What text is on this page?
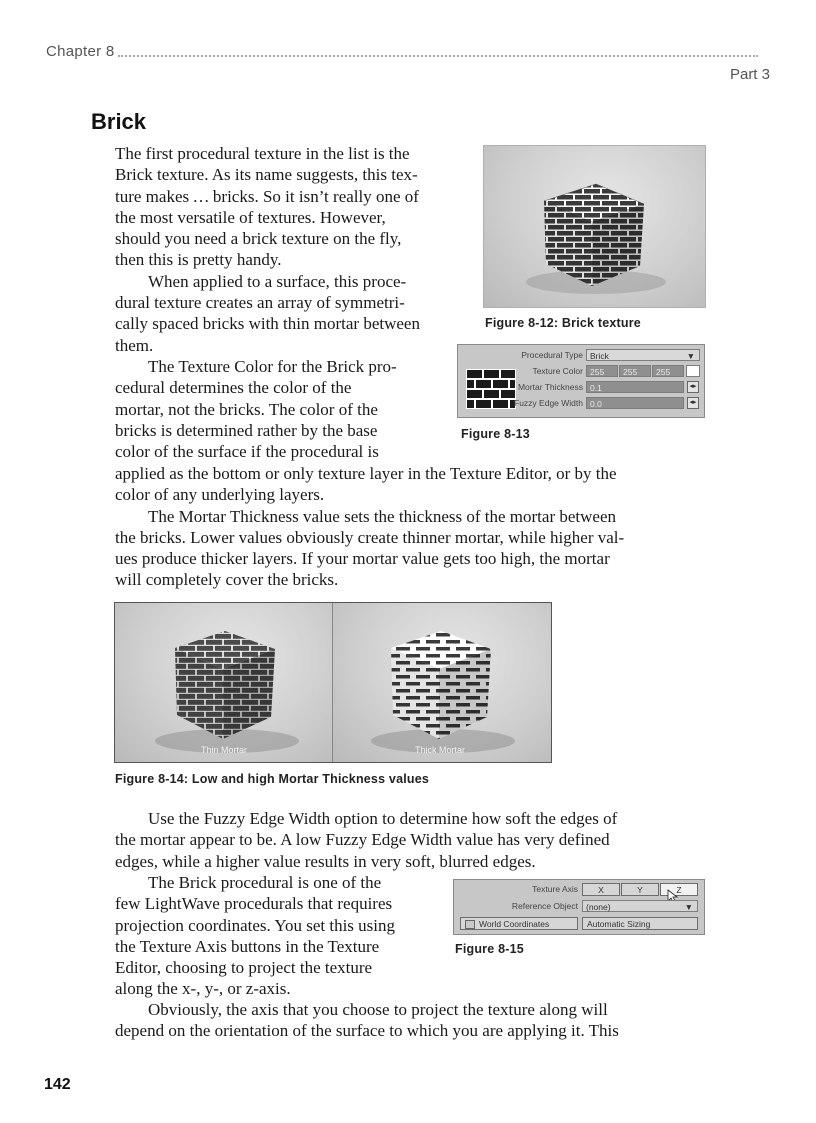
Chapter 8
Part 3
Brick
The first procedural texture in the list is the
Brick texture. As its name suggests, this tex-
ture makes … bricks. So it isn’t really one of
the most versatile of textures. However,
should you need a brick texture on the fly,
then this is pretty handy.
When applied to a surface, this proce-
dural texture creates an array of symmetri-
cally spaced bricks with thin mortar between
them.
The Texture Color for the Brick pro-
cedural determines the color of the
mortar, not the bricks. The color of the
bricks is determined rather by the base
color of the surface if the procedural is
applied as the bottom or only texture layer in the Texture Editor, or by the
color of any underlying layers.
The Mortar Thickness value sets the thickness of the mortar between
the bricks. Lower values obviously create thinner mortar, while higher val-
ues produce thicker layers. If your mortar value gets too high, the mortar
will completely cover the bricks.
Figure 8-12: Brick texture
Procedural Type Brick	▼
Texture Color 255	255	255
Mortar Thickness 0.1	◂▸
Fuzzy Edge Width 0.0	◂▸
Figure 8-13
Thin Mortar	Thick Mortar
Figure 8-14: Low and high Mortar Thickness values
Use the Fuzzy Edge Width option to determine how soft the edges of
the mortar appear to be. A low Fuzzy Edge Width value has very defined
edges, while a higher value results in very soft, blurred edges.
The Brick procedural is one of the
few LightWave procedurals that requires
projection coordinates. You set this using
the Texture Axis buttons in the Texture
Editor, choosing to project the texture
along the x-, y-, or z-axis.
Texture Axis	X	Y	Z
Reference Object (none)	▼
World Coordinates	Automatic Sizing
Figure 8-15
Obviously, the axis that you choose to project the texture along will
depend on the orientation of the surface to which you are applying it. This
142
